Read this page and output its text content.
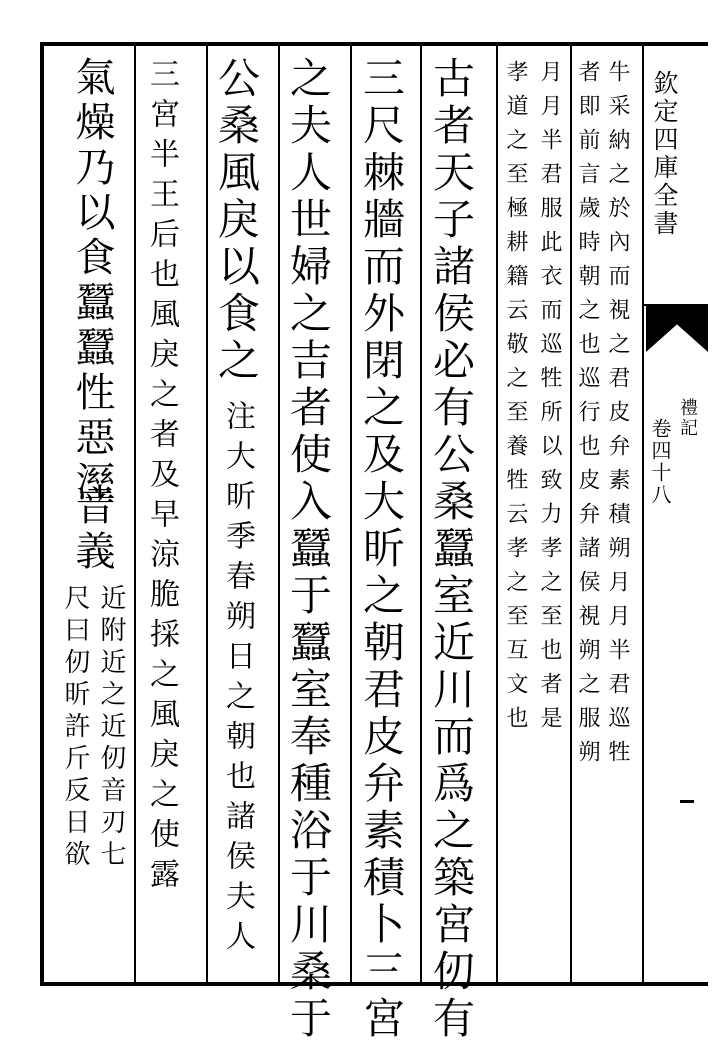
欽定四庫全書
卷四十八 禮記
牛采納之於內而視之君皮弁素積朔月月半君巡牲
者即前言歲時朝之也巡行也皮弁諸侯視朔之服朔
月月半君服此衣而巡牲所以致力孝之至也者是
孝道之至極耕籍云敬之至養牲云孝之至互文也
古者天子諸侯必有公桑蠶室近川而爲之築宮仞有
三尺棘牆而外閉之及大昕之朝君皮弁素積卜三宮
之夫人世婦之吉者使入蠶于蠶室奉種浴于川桑于
公桑風戾以食之
注大昕季春朔日之朝也諸侯夫人
三宮半王后也風戾之者及早涼脆採之風戾之使露
氣燥乃以食蠶蠶性惡溼
音義
近附近之近仞音刃七
尺曰仞昕許斤反日欲
